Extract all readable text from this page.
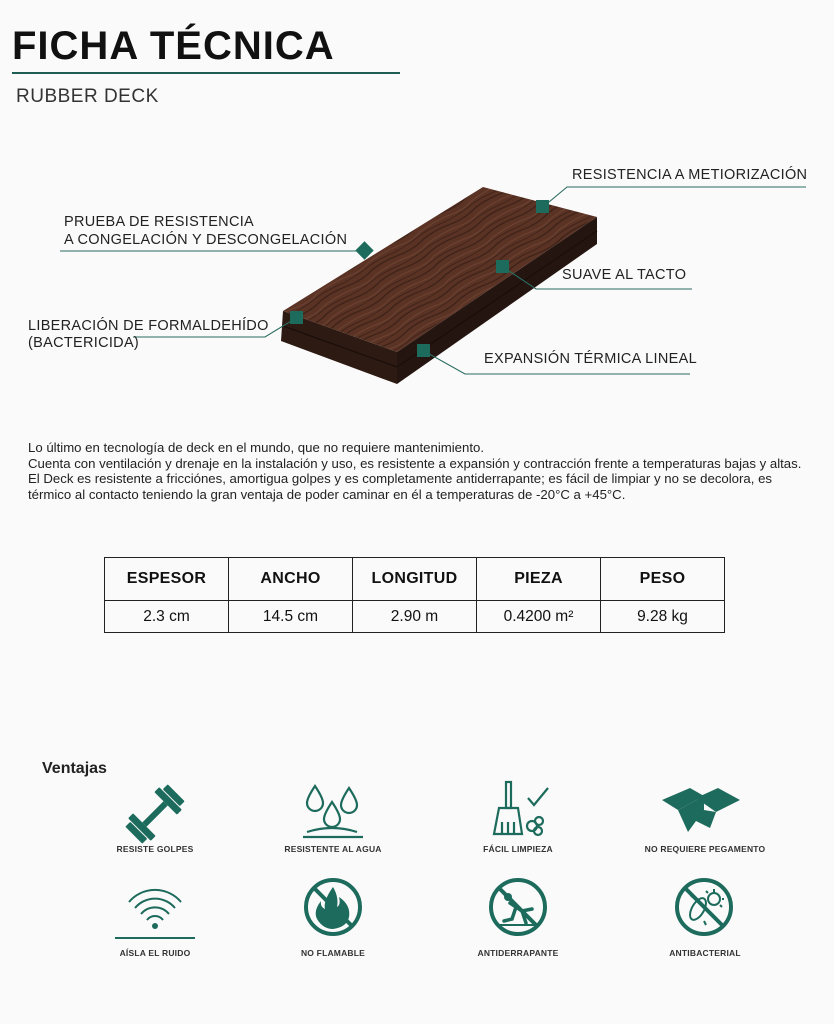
FICHA TÉCNICA
RUBBER DECK
RESISTENCIA A METIORIZACIÓN
PRUEBA DE RESISTENCIA
A CONGELACIÓN Y DESCONGELACIÓN
SUAVE AL TACTO
LIBERACIÓN DE FORMALDEHÍDO
(BACTERICIDA)
EXPANSIÓN TÉRMICA LINEAL

Lo último en tecnología de deck en el mundo, que no requiere mantenimiento.

Cuenta con ventilación y drenaje en la instalación y uso, es resistente a expansión y contracción frente a temperaturas bajas y altas.

El Deck es resistente a fricciónes, amortigua golpes y es completamente antiderrapante; es fácil de limpiar y no se decolora, es térmico al contacto teniendo la gran ventaja de poder caminar en él a temperaturas de -20°C a +45°C.

ESPESOR	ANCHO	LONGITUD	PIEZA	PESO
2.3 cm	14.5 cm	2.90 m	0.4200 m²	9.28 kg
Ventajas
RESISTE GOLPES	RESISTENTE AL AGUA	FÁCIL LIMPIEZA	NO REQUIERE PEGAMENTO
AÍSLA EL RUIDO	NO FLAMABLE	ANTIDERRAPANTE	ANTIBACTERIAL
